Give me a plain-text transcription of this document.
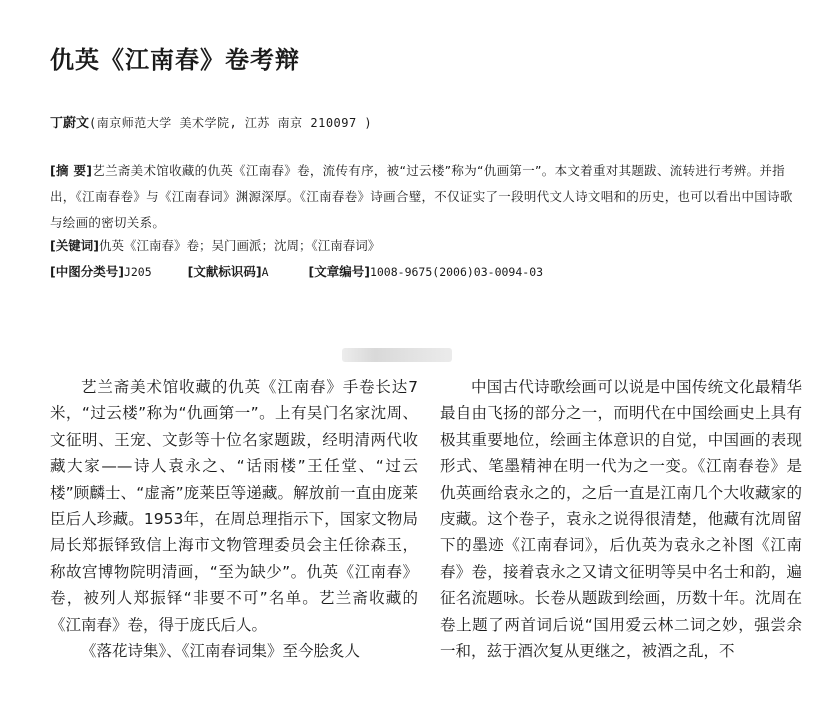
仇英《江南春》卷考辩

丁蔚文(南京师范大学 美术学院, 江苏 南京 210097 )

[摘 要]艺兰斋美术馆收藏的仇英《江南春》卷，流传有序，被“过云楼”称为“仇画第一”。本文着重对其题跋、流转进行考辨。并指出，《江南春卷》与《江南春词》渊源深厚。《江南春卷》诗画合璧，不仅证实了一段明代文人诗文唱和的历史，也可以看出中国诗歌与绘画的密切关系。

[关键词]仇英《江南春》卷；吴门画派；沈周；《江南春词》

[中图分类号]J205	[文献标识码]A	[文章编号]1008-9675(2006)03-0094-03

艺兰斋美术馆收藏的仇英《江南春》手卷长达7米，“过云楼”称为“仇画第一”。上有吴门名家沈周、文征明、王宠、文彭等十位名家题跋，经明清两代收藏大家——诗人袁永之、“话雨楼”王任堂、“过云楼”顾麟士、“虚斋”庞莱臣等递藏。解放前一直由庞莱臣后人珍藏。1953年，在周总理指示下，国家文物局局长郑振铎致信上海市文物管理委员会主任徐森玉，称故宫博物院明清画，“至为缺少”。仇英《江南春》卷，被列人郑振铎“非要不可”名单。艺兰斋收藏的《江南春》卷，得于庞氏后人。

《落花诗集》、《江南春词集》至今脍炙人

中国古代诗歌绘画可以说是中国传统文化最精华最自由飞扬的部分之一，而明代在中国绘画史上具有极其重要地位，绘画主体意识的自觉，中国画的表现形式、笔墨精神在明一代为之一变。《江南春卷》是仇英画给袁永之的，之后一直是江南几个大收藏家的庋藏。这个卷子，袁永之说得很清楚，他藏有沈周留下的墨迹《江南春词》，后仇英为袁永之补图《江南春》卷，接着袁永之又请文征明等吴中名士和韵，遍征名流题咏。长卷从题跋到绘画，历数十年。沈周在卷上题了两首词后说“国用爱云林二词之妙，强尝余一和，兹于酒次复从更继之，被酒之乱，不
